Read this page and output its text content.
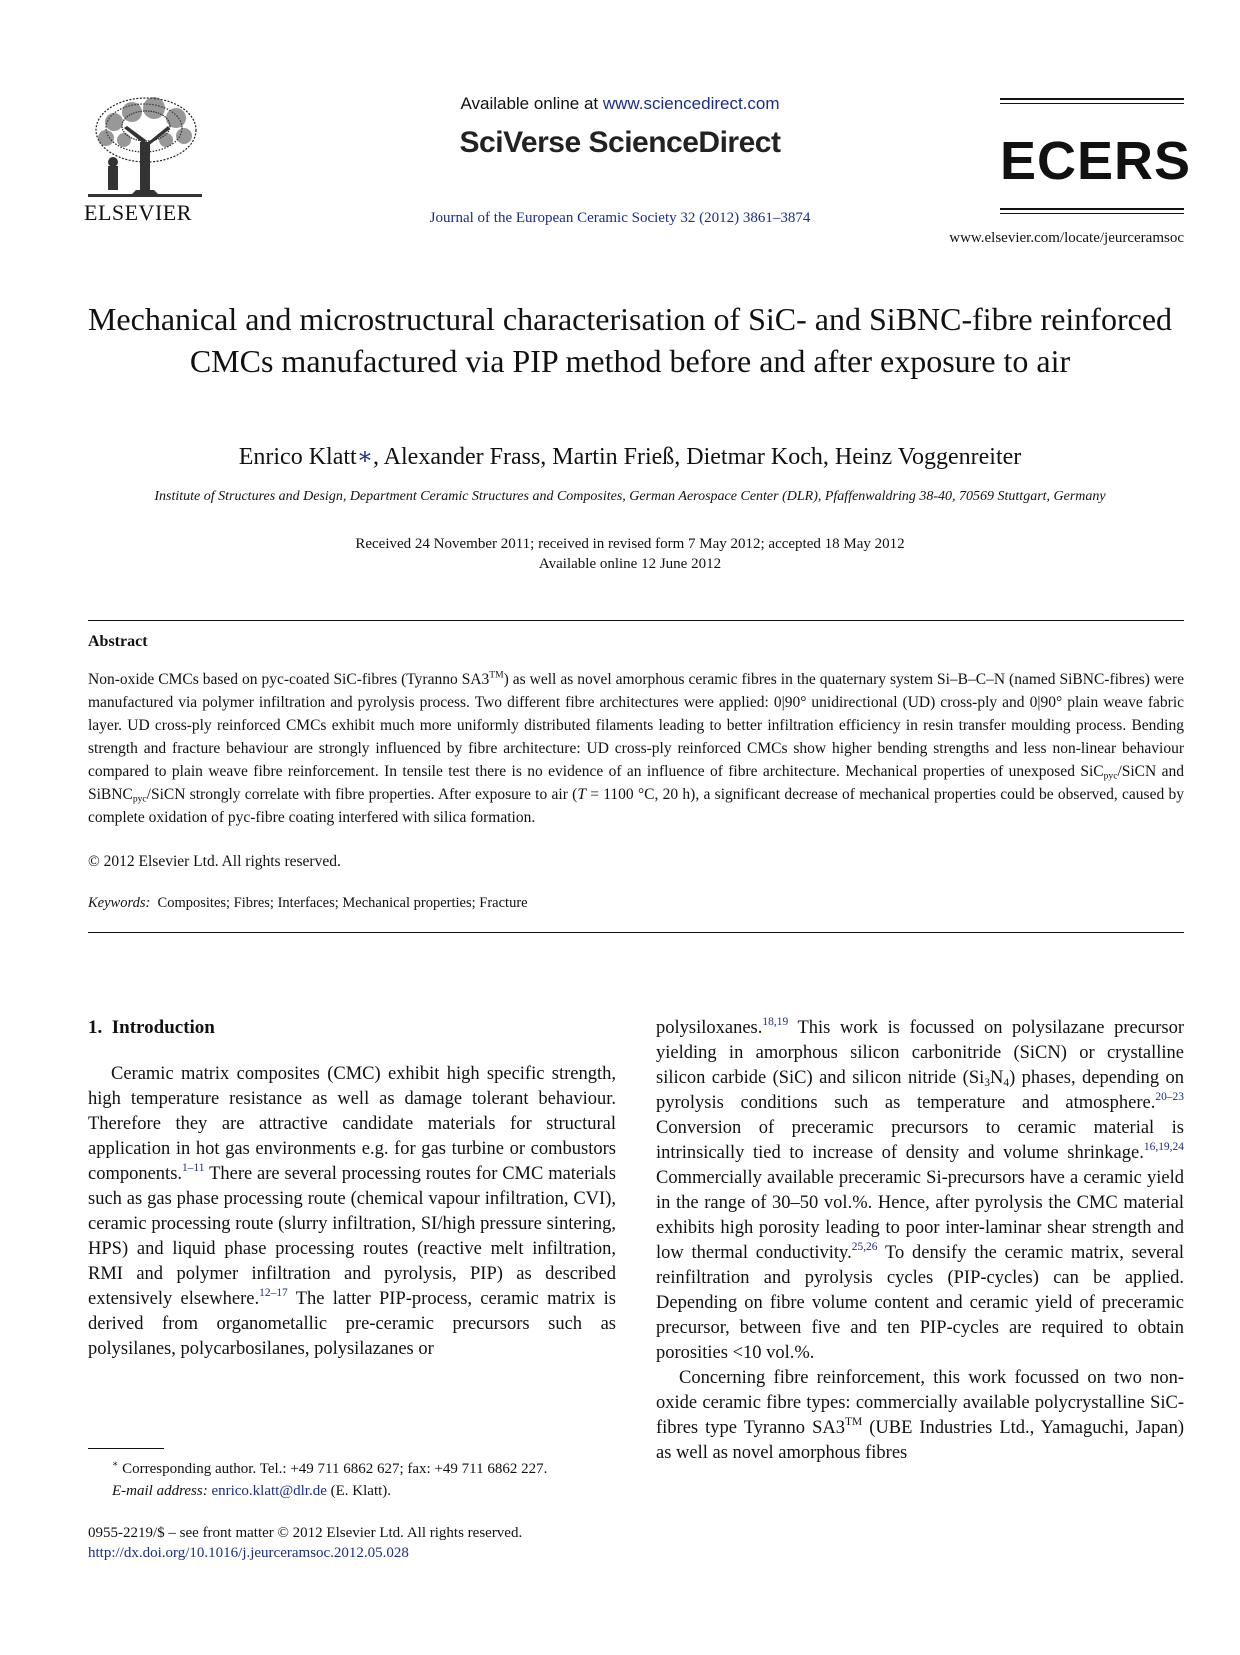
ELSEVIER
Available online at www.sciencedirect.com
SciVerse ScienceDirect
Journal of the European Ceramic Society 32 (2012) 3861–3874
ECERS
www.elsevier.com/locate/jeurceramsoc
Mechanical and microstructural characterisation of SiC- and SiBNC-fibre reinforced CMCs manufactured via PIP method before and after exposure to air
Enrico Klatt∗, Alexander Frass, Martin Frieß, Dietmar Koch, Heinz Voggenreiter
Institute of Structures and Design, Department Ceramic Structures and Composites, German Aerospace Center (DLR), Pfaffenwaldring 38-40, 70569 Stuttgart, Germany
Received 24 November 2011; received in revised form 7 May 2012; accepted 18 May 2012
Available online 12 June 2012
Abstract

Non-oxide CMCs based on pyc-coated SiC-fibres (Tyranno SA3™) as well as novel amorphous ceramic fibres in the quaternary system Si–B–C–N (named SiBNC-fibres) were manufactured via polymer infiltration and pyrolysis process. Two different fibre architectures were applied: 0|90° unidirectional (UD) cross-ply and 0|90° plain weave fabric layer. UD cross-ply reinforced CMCs exhibit much more uniformly distributed filaments leading to better infiltration efficiency in resin transfer moulding process. Bending strength and fracture behaviour are strongly influenced by fibre architecture: UD cross-ply reinforced CMCs show higher bending strengths and less non-linear behaviour compared to plain weave fibre reinforcement. In tensile test there is no evidence of an influence of fibre architecture. Mechanical properties of unexposed SiC$_{pyc}$/SiCN and SiBNC$_{pyc}$/SiCN strongly correlate with fibre properties. After exposure to air (T = 1100 °C, 20 h), a significant decrease of mechanical properties could be observed, caused by complete oxidation of pyc-fibre coating interfered with silica formation.

© 2012 Elsevier Ltd. All rights reserved.
Keywords: Composites; Fibres; Interfaces; Mechanical properties; Fracture
1.  Introduction

Ceramic matrix composites (CMC) exhibit high specific strength, high temperature resistance as well as damage tolerant behaviour. Therefore they are attractive candidate materials for structural application in hot gas environments e.g. for gas turbine or combustors components.$^{1-11}$ There are several processing routes for CMC materials such as gas phase processing route (chemical vapour infiltration, CVI), ceramic processing route (slurry infiltration, SI/high pressure sintering, HPS) and liquid phase processing routes (reactive melt infiltration, RMI and polymer infiltration and pyrolysis, PIP) as described extensively elsewhere.$^{12-17}$ The latter PIP-process, ceramic matrix is derived from organometallic pre-ceramic precursors such as polysilanes, polycarbosilanes, polysilazanes or

polysiloxanes.$^{18,19}$ This work is focussed on polysilazane precursor yielding in amorphous silicon carbonitride (SiCN) or crystalline silicon carbide (SiC) and silicon nitride $(Si_3N_4)$ phases, depending on pyrolysis conditions such as temperature and atmosphere.$^{20-23}$ Conversion of preceramic precursors to ceramic material is intrinsically tied to increase of density and volume shrinkage.$^{16,19,24}$ Commercially available preceramic Si-precursors have a ceramic yield in the range of 30–50 vol.%. Hence, after pyrolysis the CMC material exhibits high porosity leading to poor inter-laminar shear strength and low thermal conductivity.$^{25,26}$ To densify the ceramic matrix, several reinfiltration and pyrolysis cycles (PIP-cycles) can be applied. Depending on fibre volume content and ceramic yield of preceramic precursor, between five and ten PIP-cycles are required to obtain porosities <10 vol.%.

Concerning fibre reinforcement, this work focussed on two non-oxide ceramic fibre types: commercially available polycrystalline SiC-fibres type Tyranno SA3™ (UBE Industries Ltd., Yamaguchi, Japan) as well as novel amorphous fibres

∗ Corresponding author. Tel.: +49 711 6862 627; fax: +49 711 6862 227.
E-mail address: enrico.klatt@dlr.de (E. Klatt).
0955-2219/$ – see front matter © 2012 Elsevier Ltd. All rights reserved.
http://dx.doi.org/10.1016/j.jeurceramsoc.2012.05.028
